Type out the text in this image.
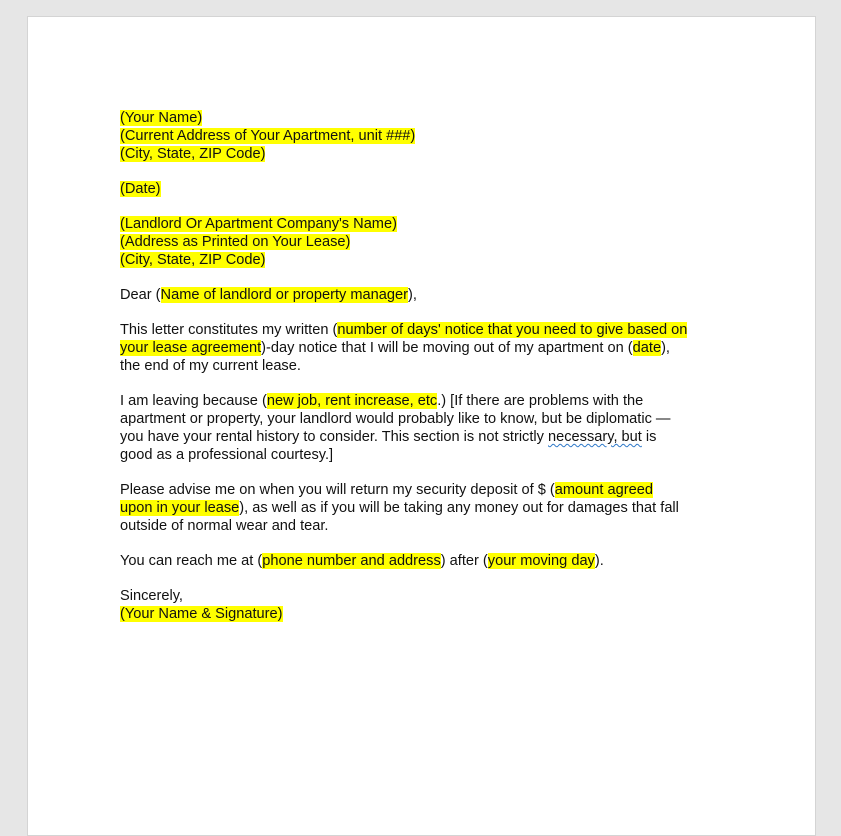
(Your Name)
(Current Address of Your Apartment, unit ###)
(City, State, ZIP Code)
(Date)
(Landlord Or Apartment Company's Name)
(Address as Printed on Your Lease)
(City, State, ZIP Code)
Dear (Name of landlord or property manager),
This letter constitutes my written (number of days' notice that you need to give based on
your lease agreement)-day notice that I will be moving out of my apartment on (date),
the end of my current lease.
I am leaving because (new job, rent increase, etc.) [If there are problems with the
apartment or property, your landlord would probably like to know, but be diplomatic —
you have your rental history to consider. This section is not strictly necessary, but is
good as a professional courtesy.]
Please advise me on when you will return my security deposit of $ (amount agreed
upon in your lease), as well as if you will be taking any money out for damages that fall
outside of normal wear and tear.
You can reach me at (phone number and address) after (your moving day).
Sincerely,
(Your Name & Signature)
